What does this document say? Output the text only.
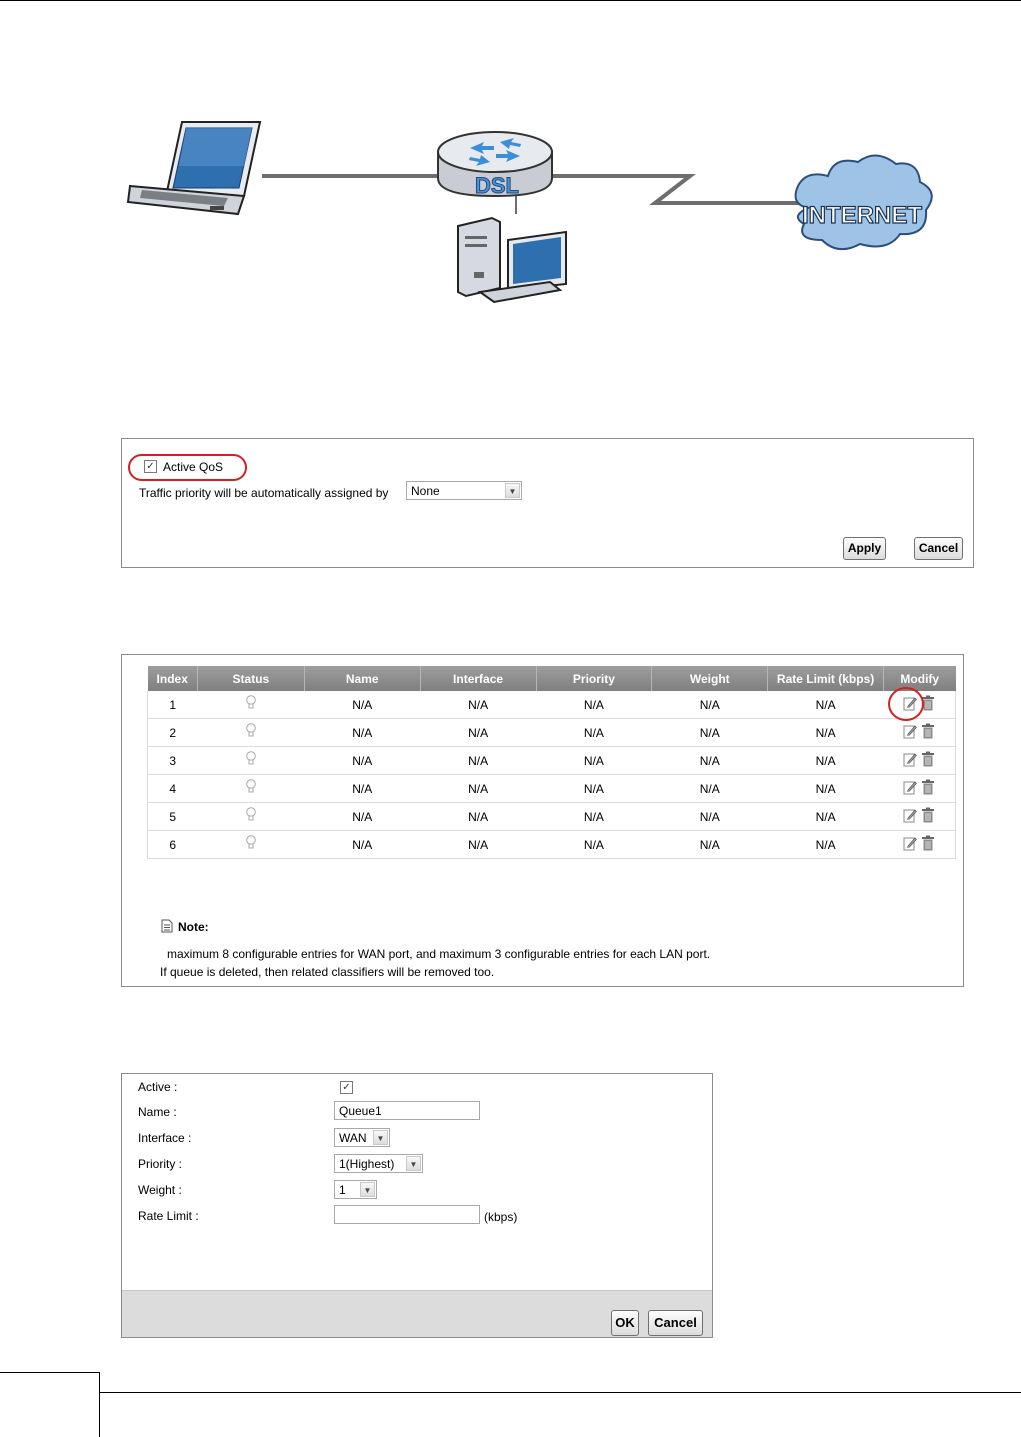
DSL
INTERNET
✓ Active QoS
Traffic priority will be automatically assigned by	None	▼
Apply	Cancel
Index	Status	Name	Interface	Priority	Weight	Rate Limit (kbps)	Modify
1		N/A	N/A	N/A	N/A	N/A	

2		N/A	N/A	N/A	N/A	N/A	

3		N/A	N/A	N/A	N/A	N/A	

4		N/A	N/A	N/A	N/A	N/A	

5		N/A	N/A	N/A	N/A	N/A	

6		N/A	N/A	N/A	N/A	N/A	
Note:
maximum 8 configurable entries for WAN port, and maximum 3 configurable entries for each LAN port.
If queue is deleted, then related classifiers will be removed too.
Active :	✓
Name :
Queue1
Interface :	WAN	▼
Priority :	1(Highest)	▼
Weight :	1	▼
Rate Limit :	(kbps)
OK	Cancel
